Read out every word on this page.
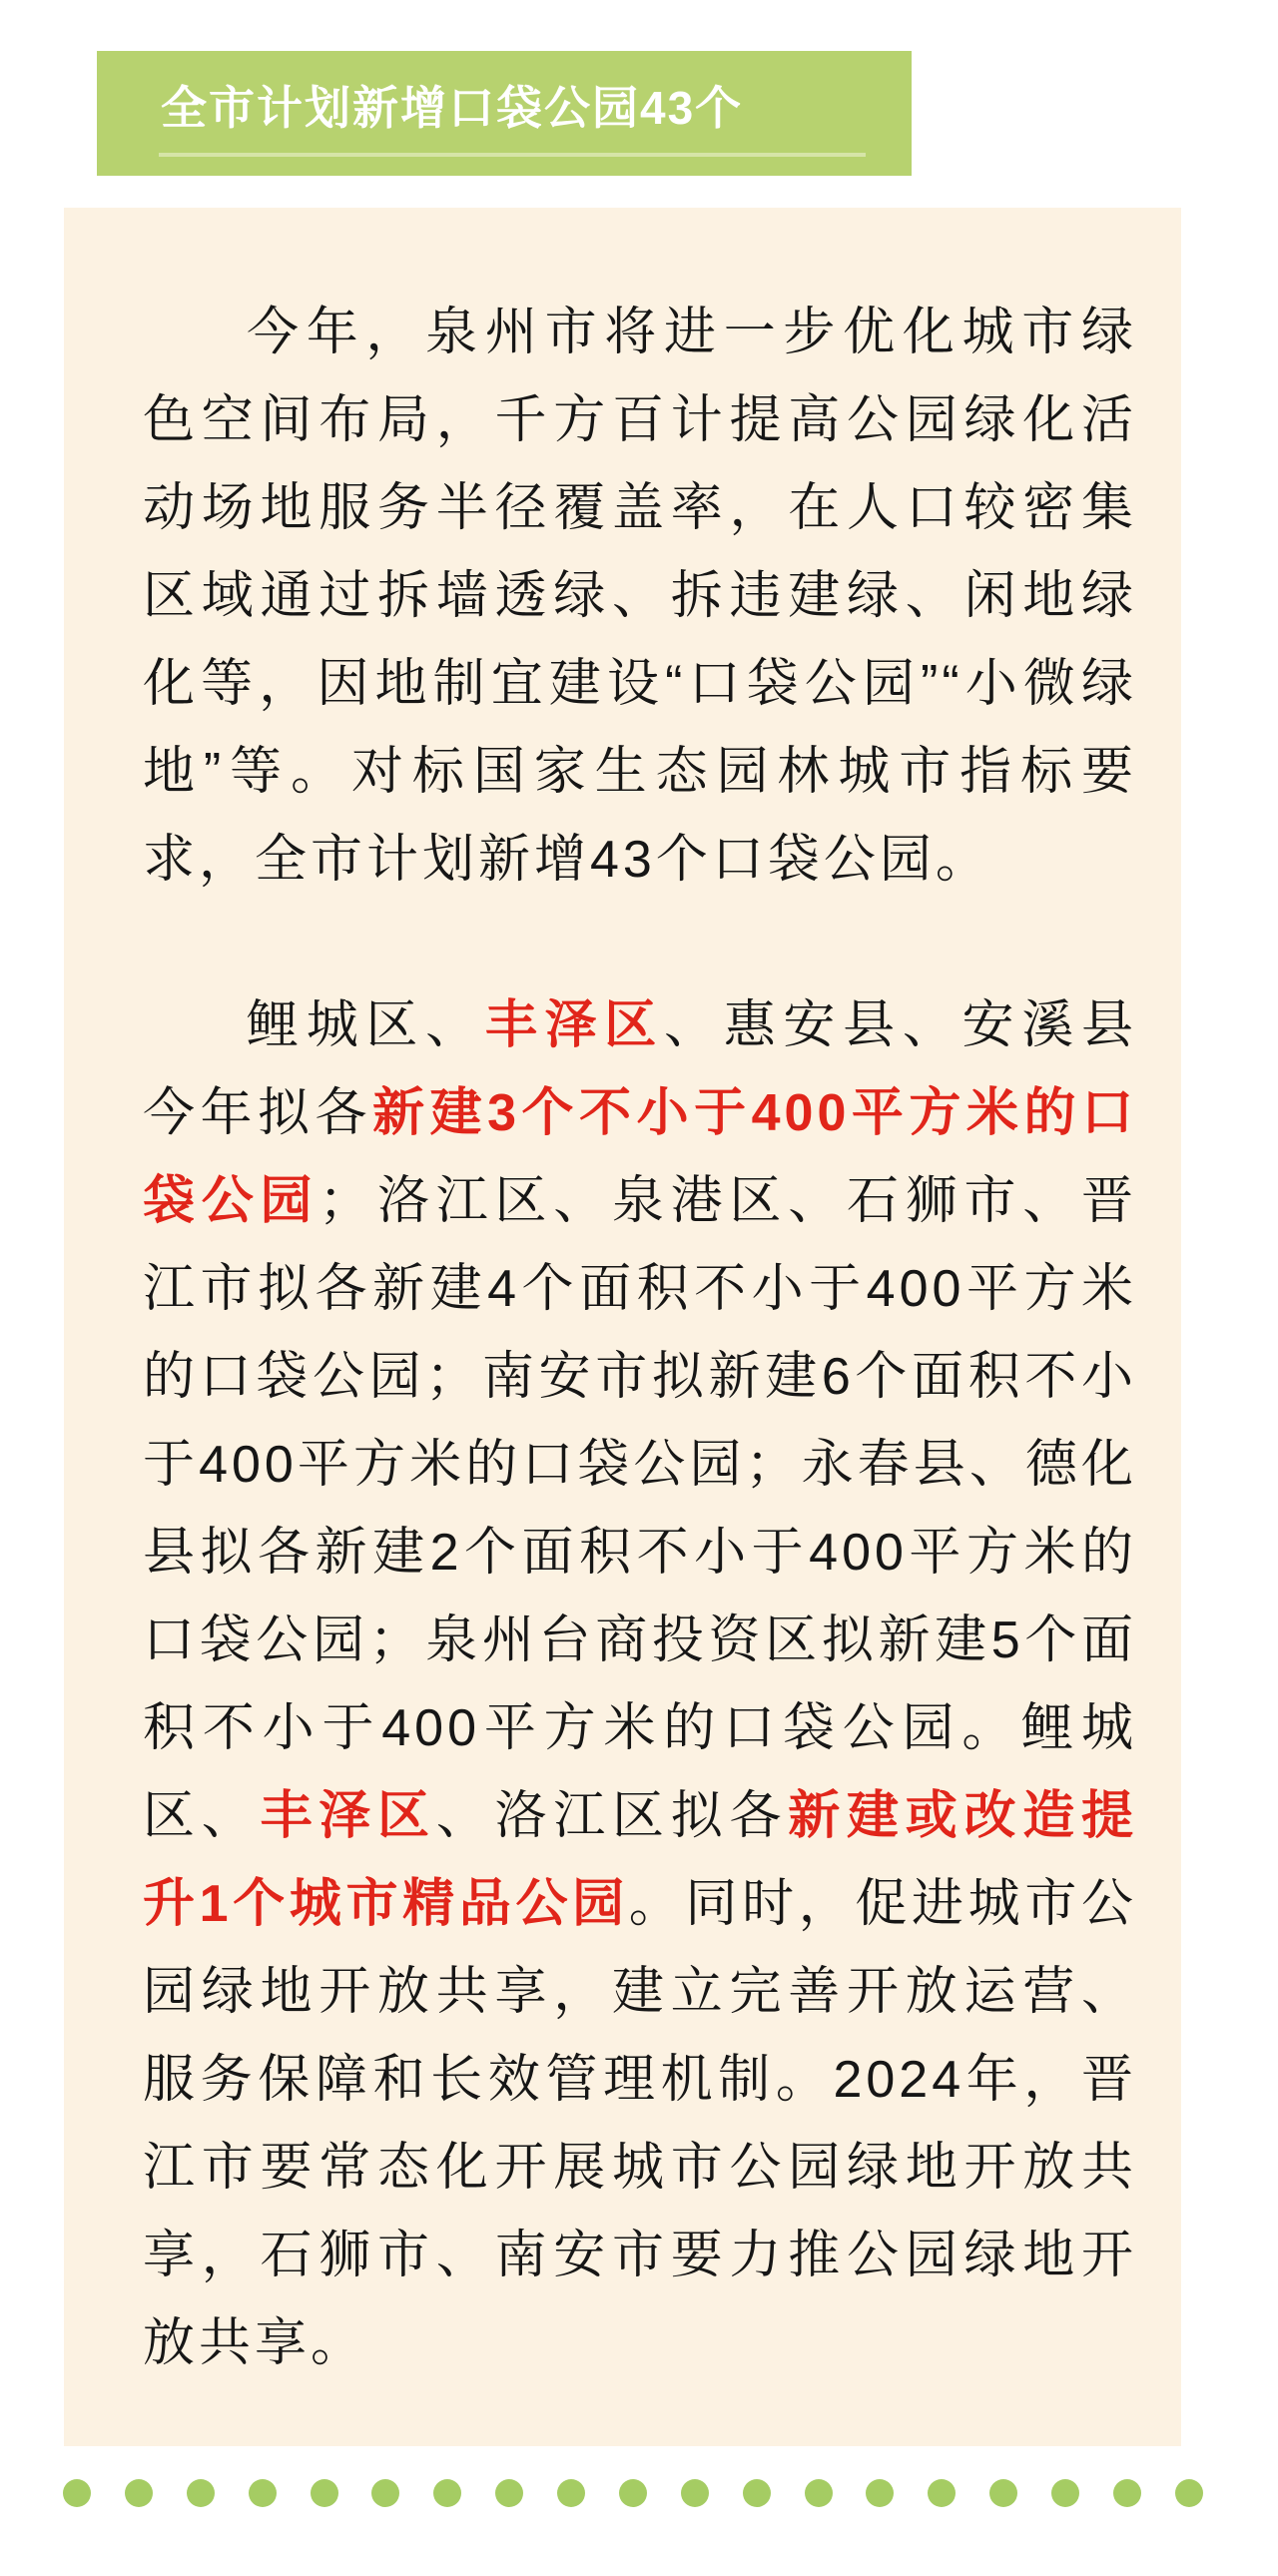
全市计划新增口袋公园43个

今年，泉州市将进一步优化城市绿色空间布局，千方百计提高公园绿化活动场地服务半径覆盖率，在人口较密集区域通过拆墙透绿、拆违建绿、闲地绿化等，因地制宜建设“口袋公园”“小微绿地”等。对标国家生态园林城市指标要求，全市计划新增43个口袋公园。

鲤城区、丰泽区、惠安县、安溪县今年拟各新建3个不小于400平方米的口袋公园；洛江区、泉港区、石狮市、晋江市拟各新建4个面积不小于400平方米的口袋公园；南安市拟新建6个面积不小于400平方米的口袋公园；永春县、德化县拟各新建2个面积不小于400平方米的口袋公园；泉州台商投资区拟新建5个面积不小于400平方米的口袋公园。鲤城区、丰泽区、洛江区拟各新建或改造提升1个城市精品公园。同时，促进城市公园绿地开放共享，建立完善开放运营、服务保障和长效管理机制。2024年，晋江市要常态化开展城市公园绿地开放共享，石狮市、南安市要力推公园绿地开放共享。
